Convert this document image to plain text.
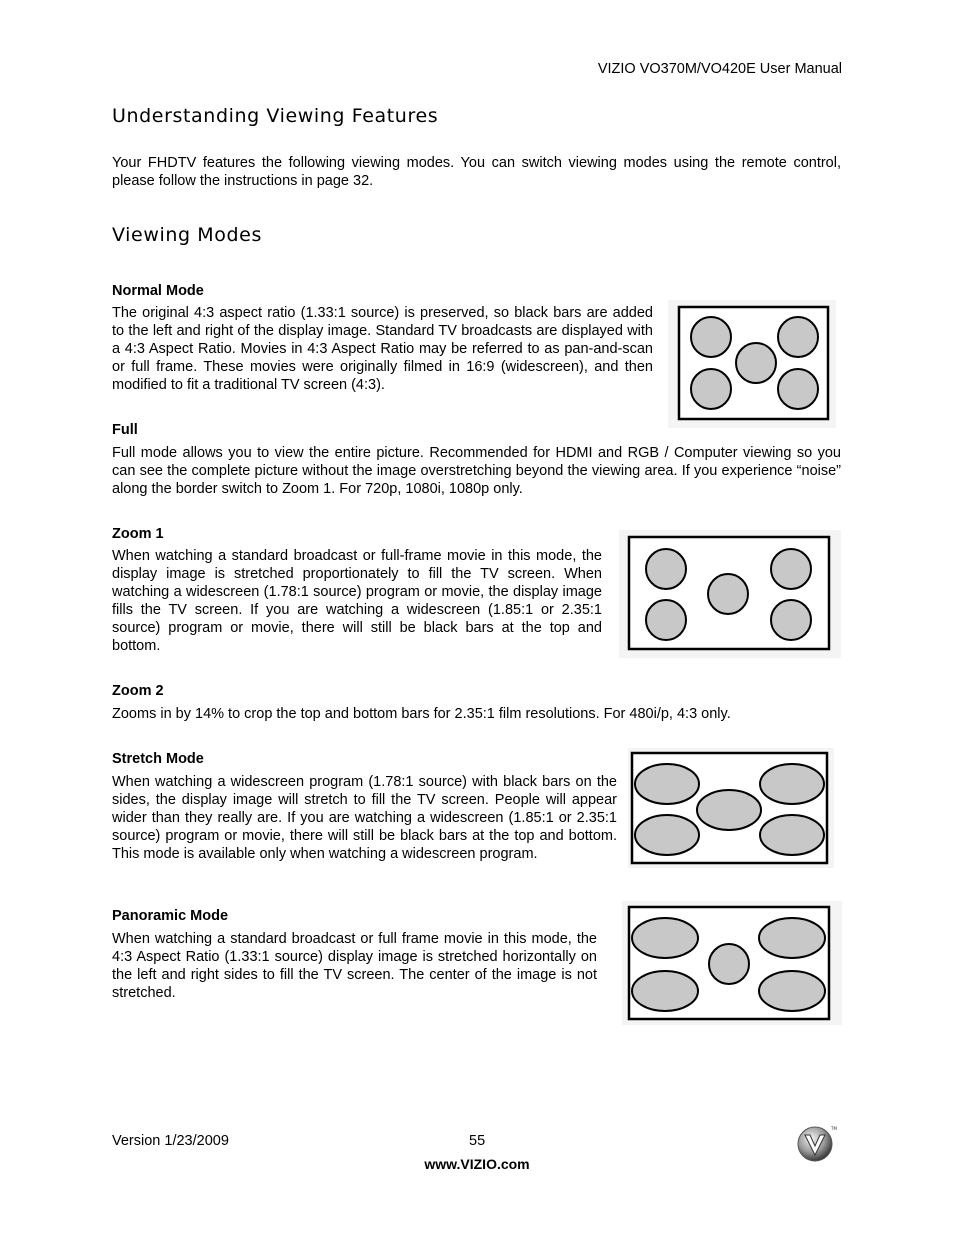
VIZIO VO370M/VO420E User Manual
Understanding Viewing Features

Your FHDTV features the following viewing modes. You can switch viewing modes using the remote control, please follow the instructions in page 32.

Viewing Modes
Normal Mode

The original 4:3 aspect ratio (1.33:1 source) is preserved, so black bars are added to the left and right of the display image. Standard TV broadcasts are displayed with a 4:3 Aspect Ratio. Movies in 4:3 Aspect Ratio may be referred to as pan-and-scan or full frame. These movies were originally filmed in 16:9 (widescreen), and then modified to fit a traditional TV screen (4:3).

Full

Full mode allows you to view the entire picture. Recommended for HDMI and RGB / Computer viewing so you can see the complete picture without the image overstretching beyond the viewing area. If you experience “noise” along the border switch to Zoom 1. For 720p, 1080i, 1080p only.

Zoom 1

When watching a standard broadcast or full-frame movie in this mode, the display image is stretched proportionately to fill the TV screen. When watching a widescreen (1.78:1 source) program or movie, the display image fills the TV screen. If you are watching a widescreen (1.85:1 or 2.35:1 source) program or movie, there will still be black bars at the top and bottom.

Zoom 2

Zooms in by 14% to crop the top and bottom bars for 2.35:1 film resolutions. For 480i/p, 4:3 only.

Stretch Mode

When watching a widescreen program (1.78:1 source) with black bars on the sides, the display image will stretch to fill the TV screen. People will appear wider than they really are. If you are watching a widescreen (1.85:1 or 2.35:1 source) program or movie, there will still be black bars at the top and bottom. This mode is available only when watching a widescreen program.

Panoramic Mode

When watching a standard broadcast or full frame movie in this mode, the 4:3 Aspect Ratio (1.33:1 source) display image is stretched horizontally on the left and right sides to fill the TV screen. The center of the image is not stretched.

Version 1/23/2009	55
www.VIZIO.com
TM
